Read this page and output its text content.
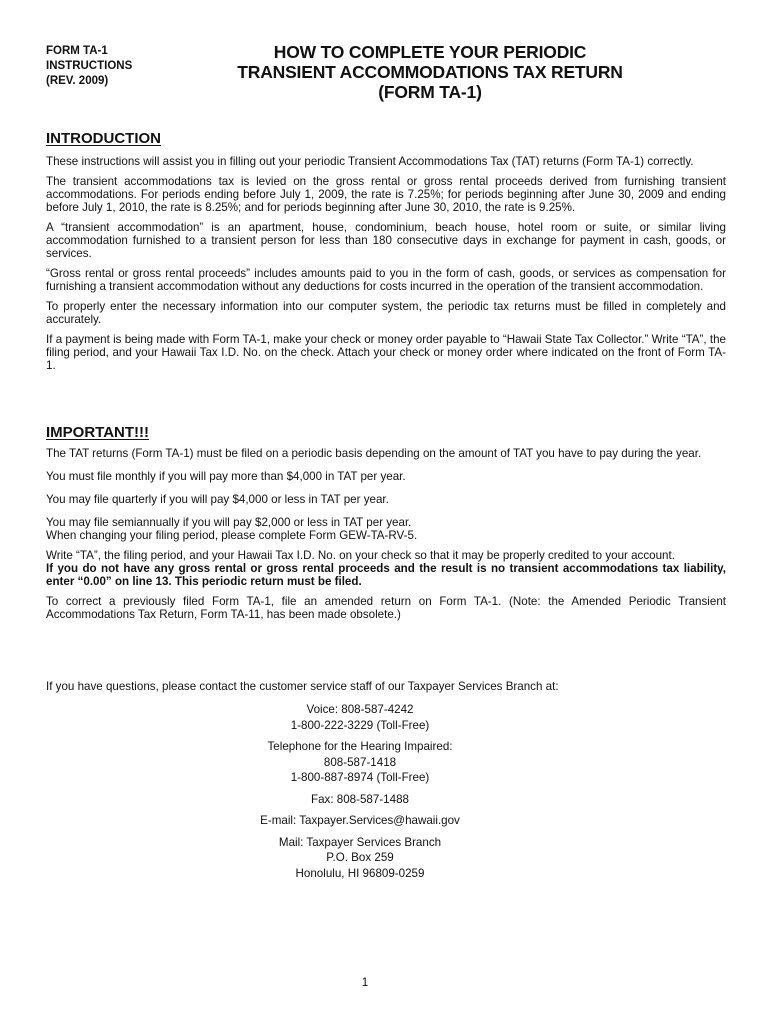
FORM TA-1
INSTRUCTIONS
(REV. 2009)
HOW TO COMPLETE YOUR PERIODIC
TRANSIENT ACCOMMODATIONS TAX RETURN
(FORM TA-1)
INTRODUCTION

These instructions will assist you in filling out your periodic Transient Accommodations Tax (TAT) returns (Form TA-1) correctly.

The transient accommodations tax is levied on the gross rental or gross rental proceeds derived from furnishing transient accommodations. For periods ending before July 1, 2009, the rate is 7.25%; for periods beginning after June 30, 2009 and ending before July 1, 2010, the rate is 8.25%; and for periods beginning after June 30, 2010, the rate is 9.25%.

A “transient accommodation” is an apartment, house, condominium, beach house, hotel room or suite, or similar living accommodation furnished to a transient person for less than 180 consecutive days in exchange for payment in cash, goods, or services.

“Gross rental or gross rental proceeds” includes amounts paid to you in the form of cash, goods, or services as compensation for furnishing a transient accommodation without any deductions for costs incurred in the operation of the transient accommodation.

To properly enter the necessary information into our computer system, the periodic tax returns must be filled in completely and accurately.

If a payment is being made with Form TA-1, make your check or money order payable to “Hawaii State Tax Collector.” Write “TA”, the filing period, and your Hawaii Tax I.D. No. on the check. Attach your check or money order where indicated on the front of Form TA-1.

IMPORTANT!!!

The TAT returns (Form TA-1) must be filed on a periodic basis depending on the amount of TAT you have to pay during the year.

You must file monthly if you will pay more than $4,000 in TAT per year.

You may file quarterly if you will pay $4,000 or less in TAT per year.

You may file semiannually if you will pay $2,000 or less in TAT per year.

When changing your filing period, please complete Form GEW-TA-RV-5.

Write “TA”, the filing period, and your Hawaii Tax I.D. No. on your check so that it may be properly credited to your account.

If you do not have any gross rental or gross rental proceeds and the result is no transient accommodations tax liability, enter “0.00” on line 13. This periodic return must be filed.

To correct a previously filed Form TA-1, file an amended return on Form TA-1. (Note: the Amended Periodic Transient Accommodations Tax Return, Form TA-11, has been made obsolete.)

If you have questions, please contact the customer service staff of our Taxpayer Services Branch at:
Voice: 808-587-4242
1-800-222-3229 (Toll-Free)
Telephone for the Hearing Impaired:
808-587-1418
1-800-887-8974 (Toll-Free)
Fax: 808-587-1488
E-mail: Taxpayer.Services@hawaii.gov
Mail: Taxpayer Services Branch
P.O. Box 259
Honolulu, HI 96809-0259
1
